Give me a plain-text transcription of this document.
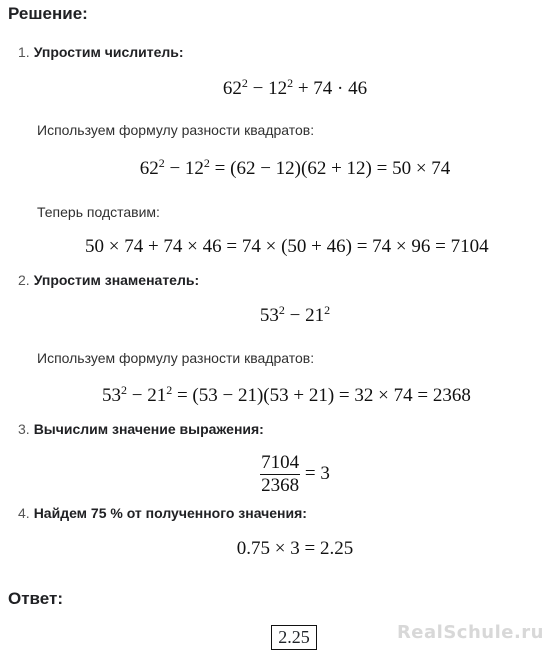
Решение:
1. Упростим числитель:
$62^2 - 12^2 + 74 \cdot 46$
Используем формулу разности квадратов:
$62^2 - 12^2 = (62 - 12)(62 + 12) = 50 \times 74$
Теперь подставим:
50 × 74 + 74 × 46 = 74 × (50 + 46) = 74 × 96 = 7104
2. Упростим знаменатель:
$53^2 - 21^2$
Используем формулу разности квадратов:
$53^2 - 21^2 = (53 - 21)(53 + 21) = 32 \times 74 = 2368$
3. Вычислим значение выражения:
$\frac{7104}{2368} = 3$
4. Найдем 75 % от полученного значения:
0.75 × 3 = 2.25
Ответ:
2.25	RealSchule.ru
